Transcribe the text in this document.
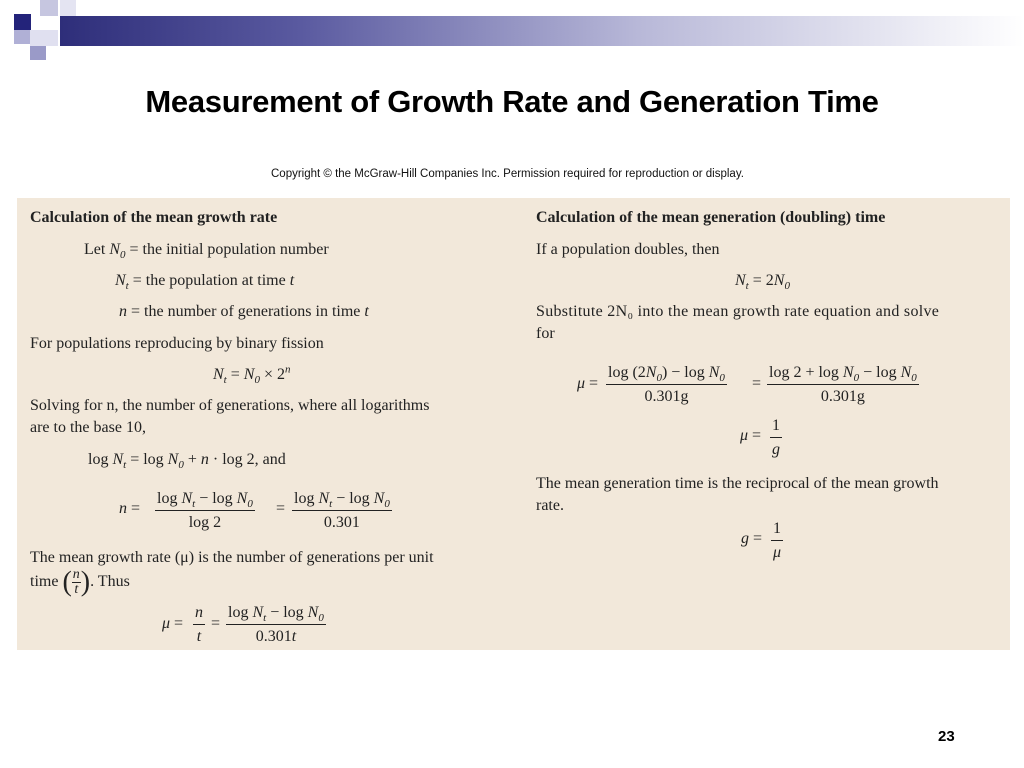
Measurement of Growth Rate and Generation Time
Copyright © the McGraw-Hill Companies Inc. Permission required for reproduction or display.
Calculation of the mean growth rate
Let $N_0$ = the initial population number
$N_t$ = the population at time t
n = the number of generations in time t
For populations reproducing by binary fission
$N_t = N_0 \times 2^n$
Solving for n, the number of generations, where all logarithms
are to the base 10,
$\log N_t = \log N_0 + n \cdot \log 2$, and
$n = \frac{\log N_t - \log N_0}{\log 2} = \frac{\log N_t - \log N_0}{0.301}$
The mean growth rate (μ) is the number of generations per unit
time ( $\frac{n}{t}$ ). Thus
$\mu = \frac{n}{t} = \frac{\log N_t - \log N_0}{0.301t}$
Calculation of the mean generation (doubling) time
If a population doubles, then
$N_t = 2N_0$
Substitute 2N₀ into the mean growth rate equation and solve
for
$\mu = \frac{\log (2N_0) - \log N_0}{0.301g} = \frac{\log 2 + \log N_0 - \log N_0}{0.301g}$
$\mu = \frac{1}{g}$
The mean generation time is the reciprocal of the mean growth
rate.
$g = \frac{1}{\mu}$
23
